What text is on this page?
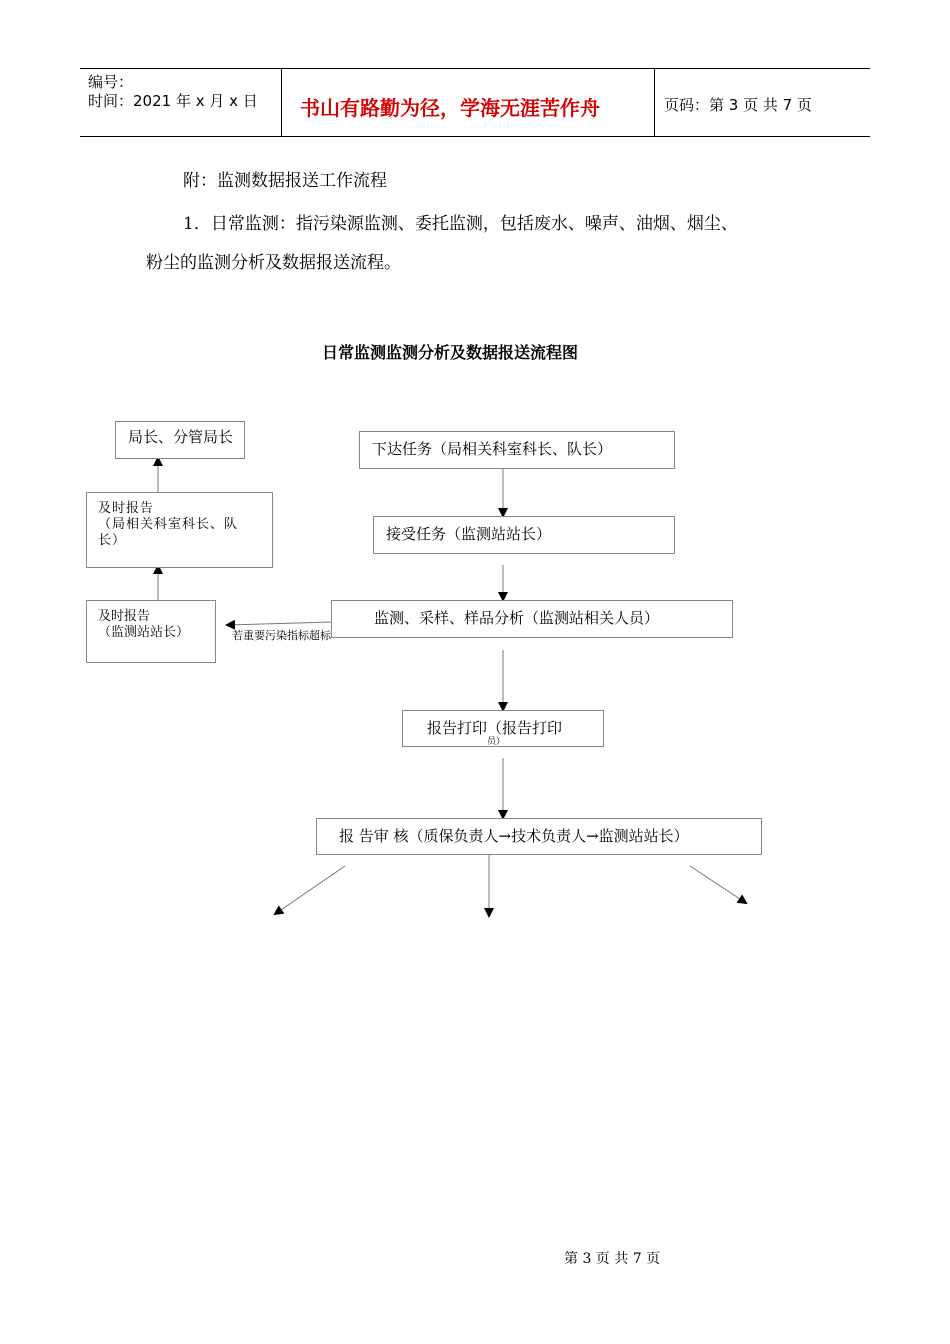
编号：
时间：2021 年 x 月 x 日 书山有路勤为径，学海无涯苦作舟	页码：第 3 页 共 7 页
附：监测数据报送工作流程
1．日常监测：指污染源监测、委托监测，包括废水、噪声、油烟、烟尘、
粉尘的监测分析及数据报送流程。
日常监测监测分析及数据报送流程图
局长、分管局长
下达任务（局相关科室科长、队长）
及时报告
（局相关科室科长、队
长）	接受任务（监测站站长）
及时报告
（监测站站长）
监测、采样、样品分析（监测站相关人员）
若重要污染指标超标
报告打印（报告打印
员）
报 告审 核（质保负责人→技术负责人→监测站站长）
第 3 页 共 7 页
